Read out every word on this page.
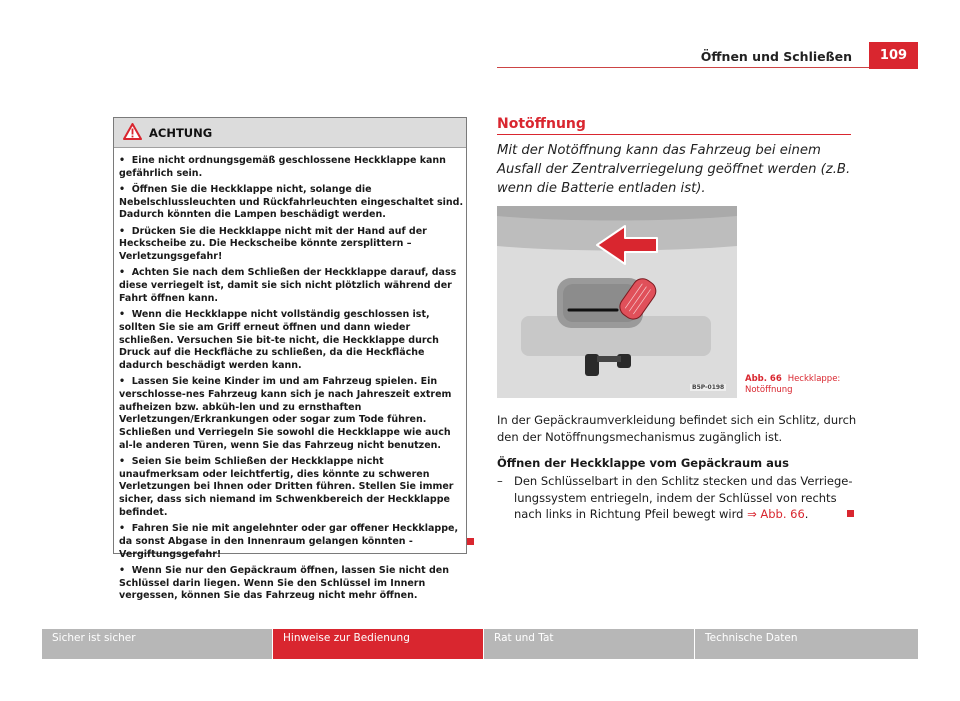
Öffnen und Schließen	109
ACHTUNG

• Eine nicht ordnungsgemäß geschlossene Heckklappe kann gefährlich sein.

• Öffnen Sie die Heckklappe nicht, solange die Nebelschlussleuchten und Rückfahrleuchten eingeschaltet sind. Dadurch könnten die Lampen beschädigt werden.

• Drücken Sie die Heckklappe nicht mit der Hand auf der Heckscheibe zu. Die Heckscheibe könnte zersplittern – Verletzungsgefahr!

• Achten Sie nach dem Schließen der Heckklappe darauf, dass diese verriegelt ist, damit sie sich nicht plötzlich während der Fahrt öffnen kann.

• Wenn die Heckklappe nicht vollständig geschlossen ist, sollten Sie sie am Griff erneut öffnen und dann wieder schließen. Versuchen Sie bit-te nicht, die Heckklappe durch Druck auf die Heckfläche zu schließen, da die Heckfläche dadurch beschädigt werden kann.

• Lassen Sie keine Kinder im und am Fahrzeug spielen. Ein verschlosse-nes Fahrzeug kann sich je nach Jahreszeit extrem aufheizen bzw. abküh-len und zu ernsthaften Verletzungen/Erkrankungen oder sogar zum Tode führen. Schließen und Verriegeln Sie sowohl die Heckklappe wie auch al-le anderen Türen, wenn Sie das Fahrzeug nicht benutzen.

• Seien Sie beim Schließen der Heckklappe nicht unaufmerksam oder leichtfertig, dies könnte zu schweren Verletzungen bei Ihnen oder Dritten führen. Stellen Sie immer sicher, dass sich niemand im Schwenkbereich der Heckklappe befindet.

• Fahren Sie nie mit angelehnter oder gar offener Heckklappe, da sonst Abgase in den Innenraum gelangen könnten - Vergiftungsgefahr!

• Wenn Sie nur den Gepäckraum öffnen, lassen Sie nicht den Schlüssel darin liegen. Wenn Sie den Schlüssel im Innern vergessen, können Sie das Fahrzeug nicht mehr öffnen.

Notöffnung
Mit der Notöffnung kann das Fahrzeug bei einem Ausfall der Zentralverriegelung geöffnet werden (z.B. wenn die Batterie entladen ist).
B5P-0198
Abb. 66 Heckklappe: Notöffnung
In der Gepäckraumverkleidung befindet sich ein Schlitz, durch den der Notöffnungsmechanismus zugänglich ist.
Öffnen der Heckklappe vom Gepäckraum aus
– Den Schlüsselbart in den Schlitz stecken und das Verriege-lungssystem entriegeln, indem der Schlüssel von rechts nach links in Richtung Pfeil bewegt wird ⇒ Abb. 66.
Sicher ist sicher	Hinweise zur Bedienung	Rat und Tat	Technische Daten
